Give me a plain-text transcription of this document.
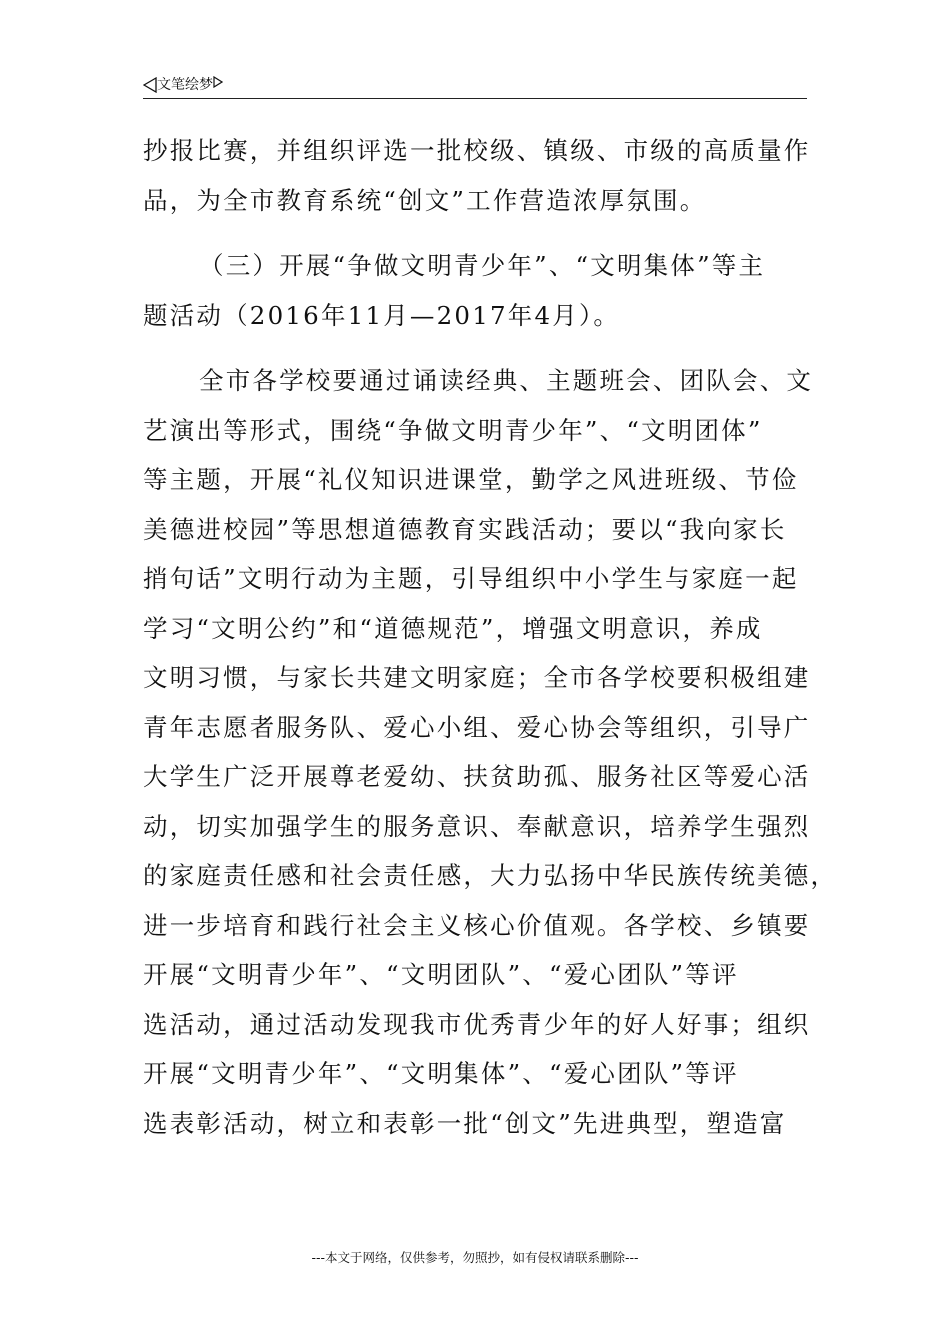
文笔绘梦

抄报比赛，并组织评选一批校级、镇级、市级的高质量作
品，为全市教育系统“创文”工作营造浓厚氛围。

（三）开展“争做文明青少年”、“文明集体”等主
题活动（2016年11月—2017年4月）。

全市各学校要通过诵读经典、主题班会、团队会、文
艺演出等形式，围绕“争做文明青少年”、“文明团体”
等主题，开展“礼仪知识进课堂，勤学之风进班级、节俭
美德进校园”等思想道德教育实践活动；要以“我向家长
捎句话”文明行动为主题，引导组织中小学生与家庭一起
学习“文明公约”和“道德规范”，增强文明意识，养成
文明习惯，与家长共建文明家庭；全市各学校要积极组建
青年志愿者服务队、爱心小组、爱心协会等组织，引导广
大学生广泛开展尊老爱幼、扶贫助孤、服务社区等爱心活
动，切实加强学生的服务意识、奉献意识，培养学生强烈
的家庭责任感和社会责任感，大力弘扬中华民族传统美德，
进一步培育和践行社会主义核心价值观。各学校、乡镇要
开展“文明青少年”、“文明团队”、“爱心团队”等评
选活动，通过活动发现我市优秀青少年的好人好事；组织
开展“文明青少年”、“文明集体”、“爱心团队”等评
选表彰活动，树立和表彰一批“创文”先进典型，塑造富

---本文于网络，仅供参考，勿照抄，如有侵权请联系删除---
